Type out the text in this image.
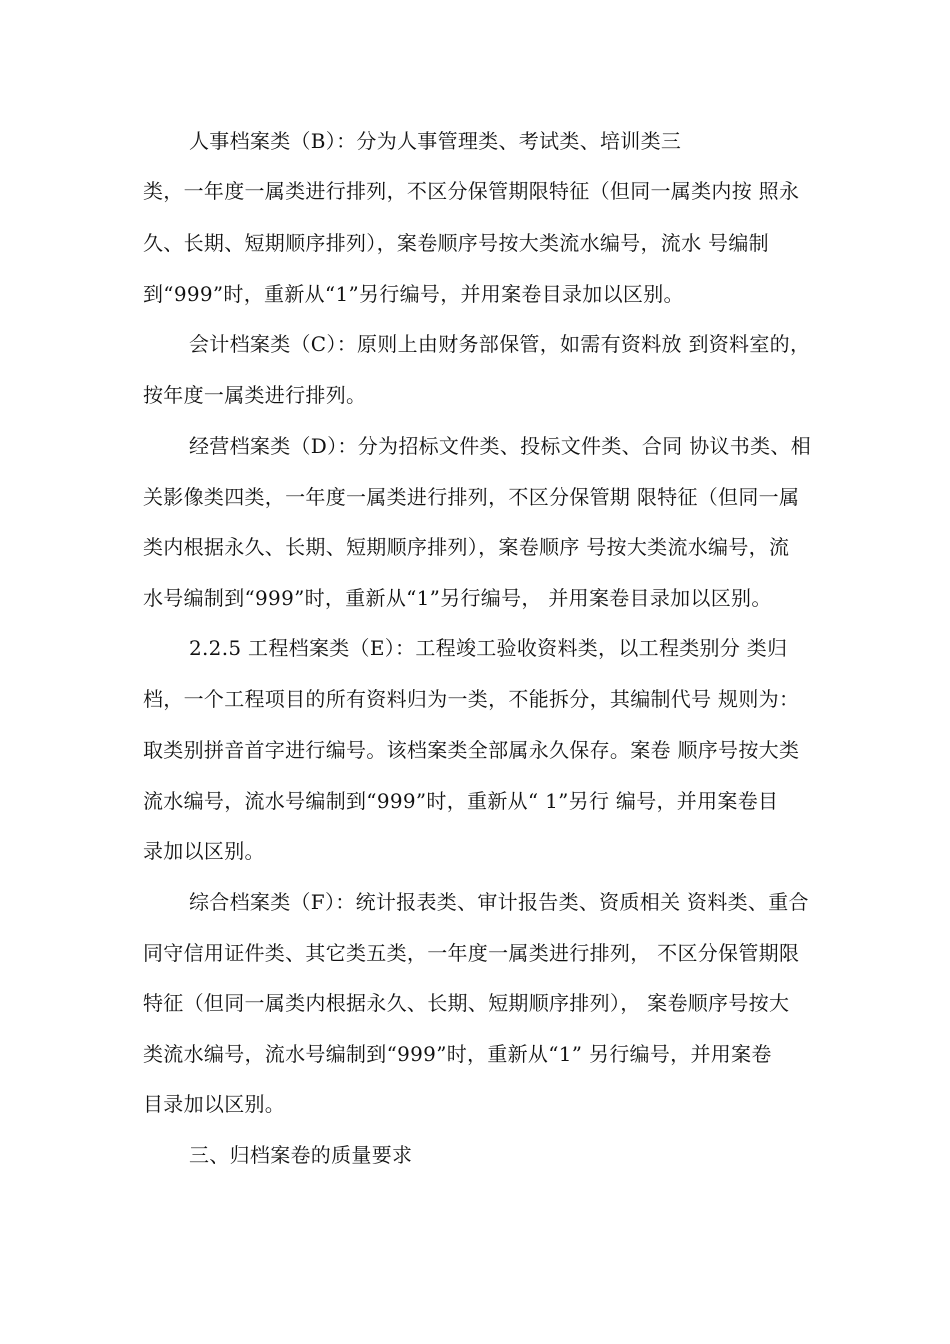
人事档案类（B）：分为人事管理类、考试类、培训类三
类，一年度一属类进行排列，不区分保管期限特征（但同一属类内按 照永
久、长期、短期顺序排列），案卷顺序号按大类流水编号，流水 号编制
到“999”时，重新从“1”另行编号，并用案卷目录加以区别。
会计档案类（C）：原则上由财务部保管，如需有资料放 到资料室的，
按年度一属类进行排列。
经营档案类（D）：分为招标文件类、投标文件类、合同 协议书类、相
关影像类四类，一年度一属类进行排列，不区分保管期 限特征（但同一属
类内根据永久、长期、短期顺序排列），案卷顺序 号按大类流水编号，流
水号编制到“999”时，重新从“1”另行编号， 并用案卷目录加以区别。
2.2.5 工程档案类（E）：工程竣工验收资料类，以工程类别分 类归
档，一个工程项目的所有资料归为一类，不能拆分，其编制代号 规则为：
取类别拼音首字进行编号。该档案类全部属永久保存。案卷 顺序号按大类
流水编号，流水号编制到“999”时，重新从“ 1”另行 编号，并用案卷目
录加以区别。
综合档案类（F）：统计报表类、审计报告类、资质相关 资料类、重合
同守信用证件类、其它类五类，一年度一属类进行排列， 不区分保管期限
特征（但同一属类内根据永久、长期、短期顺序排列）， 案卷顺序号按大
类流水编号，流水号编制到“999”时，重新从“1” 另行编号，并用案卷
目录加以区别。
三、归档案卷的质量要求
